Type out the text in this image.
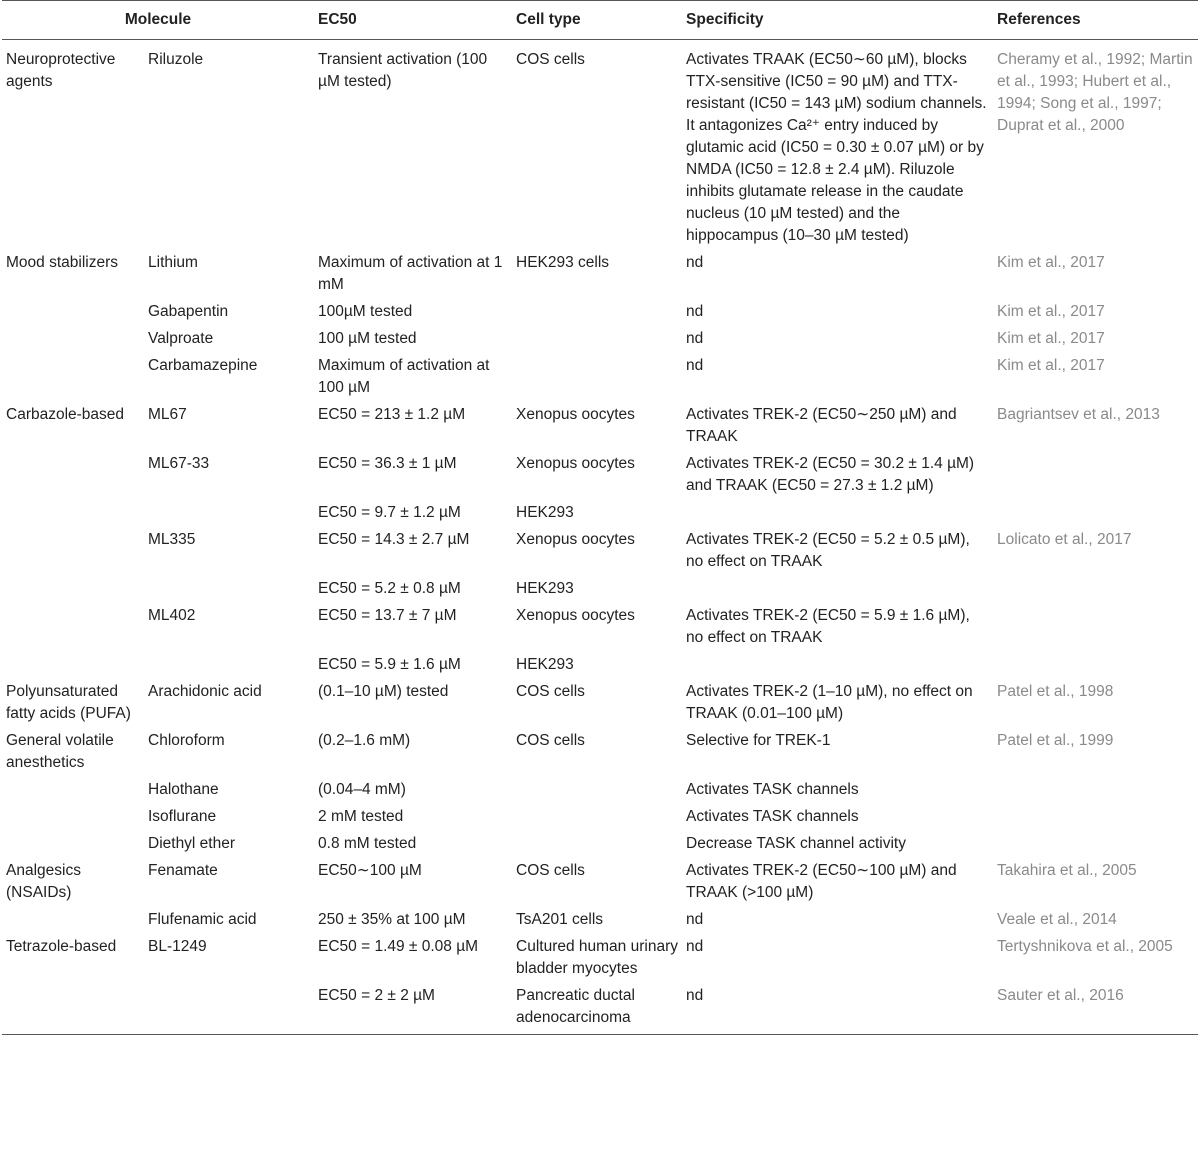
Molecule		EC50	Cell type	Specificity	References
Neuroprotective agents	Riluzole	Transient activation (100 µM tested)	COS cells	Activates TRAAK (EC50∼60 µM), blocks TTX-sensitive (IC50 = 90 µM) and TTX-resistant (IC50 = 143 µM) sodium channels. It antagonizes Ca²⁺ entry induced by glutamic acid (IC50 = 0.30 ± 0.07 µM) or by NMDA (IC50 = 12.8 ± 2.4 µM). Riluzole inhibits glutamate release in the caudate nucleus (10 µM tested) and the hippocampus (10–30 µM tested)	Cheramy et al., 1992; Martin et al., 1993; Hubert et al., 1994; Song et al., 1997; Duprat et al., 2000
Mood stabilizers	Lithium	Maximum of activation at 1 mM	HEK293 cells	nd	Kim et al., 2017
	Gabapentin	100µM tested		nd	Kim et al., 2017
	Valproate	100 µM tested		nd	Kim et al., 2017
	Carbamazepine	Maximum of activation at 100 µM		nd	Kim et al., 2017
Carbazole-based	ML67	EC50 = 213 ± 1.2 µM	Xenopus oocytes	Activates TREK-2 (EC50∼250 µM) and TRAAK	Bagriantsev et al., 2013
	ML67-33	EC50 = 36.3 ± 1 µM	Xenopus oocytes	Activates TREK-2 (EC50 = 30.2 ± 1.4 µM) and TRAAK (EC50 = 27.3 ± 1.2 µM)	
		EC50 = 9.7 ± 1.2 µM	HEK293		
	ML335	EC50 = 14.3 ± 2.7 µM	Xenopus oocytes	Activates TREK-2 (EC50 = 5.2 ± 0.5 µM), no effect on TRAAK	Lolicato et al., 2017
		EC50 = 5.2 ± 0.8 µM	HEK293		
	ML402	EC50 = 13.7 ± 7 µM	Xenopus oocytes	Activates TREK-2 (EC50 = 5.9 ± 1.6 µM), no effect on TRAAK	
		EC50 = 5.9 ± 1.6 µM	HEK293		
Polyunsaturated fatty acids (PUFA)	Arachidonic acid	(0.1–10 µM) tested	COS cells	Activates TREK-2 (1–10 µM), no effect on TRAAK (0.01–100 µM)	Patel et al., 1998
General volatile anesthetics	Chloroform	(0.2–1.6 mM)	COS cells	Selective for TREK-1	Patel et al., 1999
	Halothane	(0.04–4 mM)		Activates TASK channels	
	Isoflurane	2 mM tested		Activates TASK channels	
	Diethyl ether	0.8 mM tested		Decrease TASK channel activity	
Analgesics (NSAIDs)	Fenamate	EC50∼100 µM	COS cells	Activates TREK-2 (EC50∼100 µM) and TRAAK (>100 µM)	Takahira et al., 2005
	Flufenamic acid	250 ± 35% at 100 µM	TsA201 cells	nd	Veale et al., 2014
Tetrazole-based	BL-1249	EC50 = 1.49 ± 0.08 µM	Cultured human urinary bladder myocytes	nd	Tertyshnikova et al., 2005
		EC50 = 2 ± 2 µM	Pancreatic ductal adenocarcinoma	nd	Sauter et al., 2016
